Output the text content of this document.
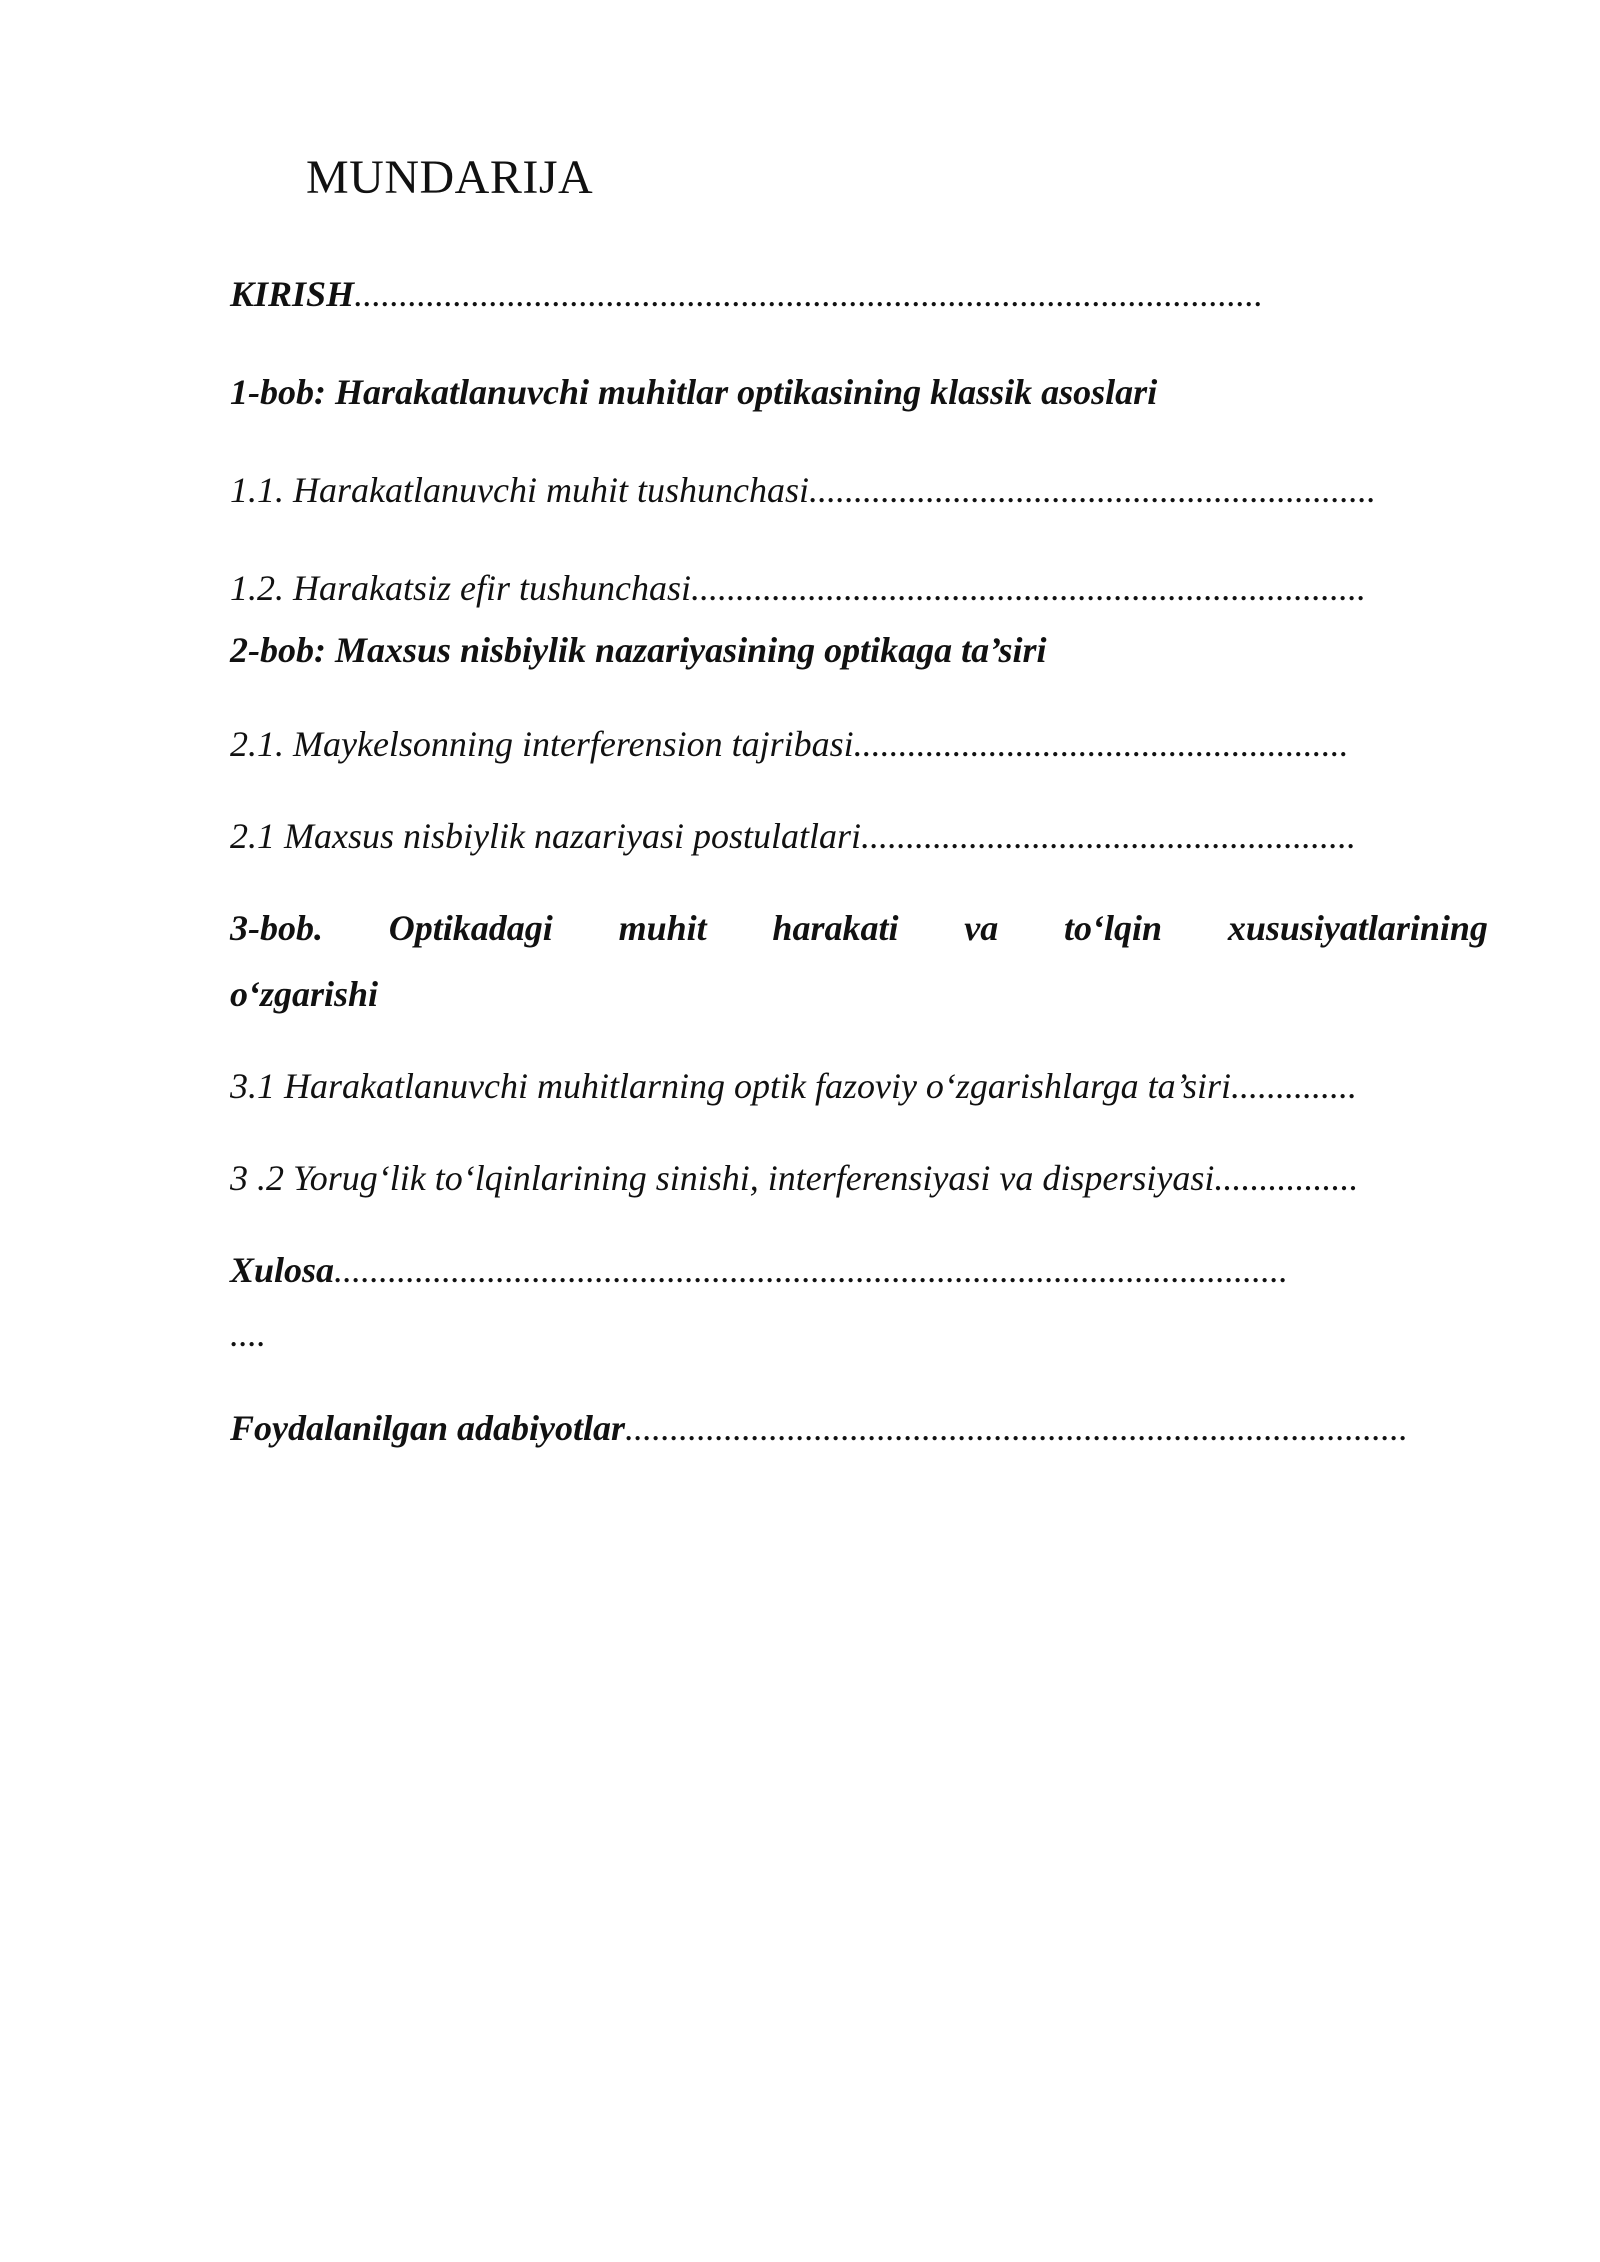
MUNDARIJA
KIRISH.....................................................................................................
1-bob: Harakatlanuvchi muhitlar optikasining klassik asoslari
1.1. Harakatlanuvchi muhit tushunchasi...............................................................
1.2. Harakatsiz efir tushunchasi...........................................................................
2-bob: Maxsus nisbiylik nazariyasining optikaga ta’siri
2.1. Maykelsonning interferension tajribasi.......................................................
2.1 Maxsus nisbiylik nazariyasi postulatlari.......................................................
3-bob. Optikadagi muhit harakati va to‘lqin xususiyatlarining
o‘zgarishi
3.1 Harakatlanuvchi muhitlarning optik fazoviy o‘zgarishlarga ta’siri..............
3 .2 Yorug‘lik to‘lqinlarining sinishi, interferensiyasi va dispersiyasi................
Xulosa..........................................................................................................
....
Foydalanilgan adabiyotlar.......................................................................................
